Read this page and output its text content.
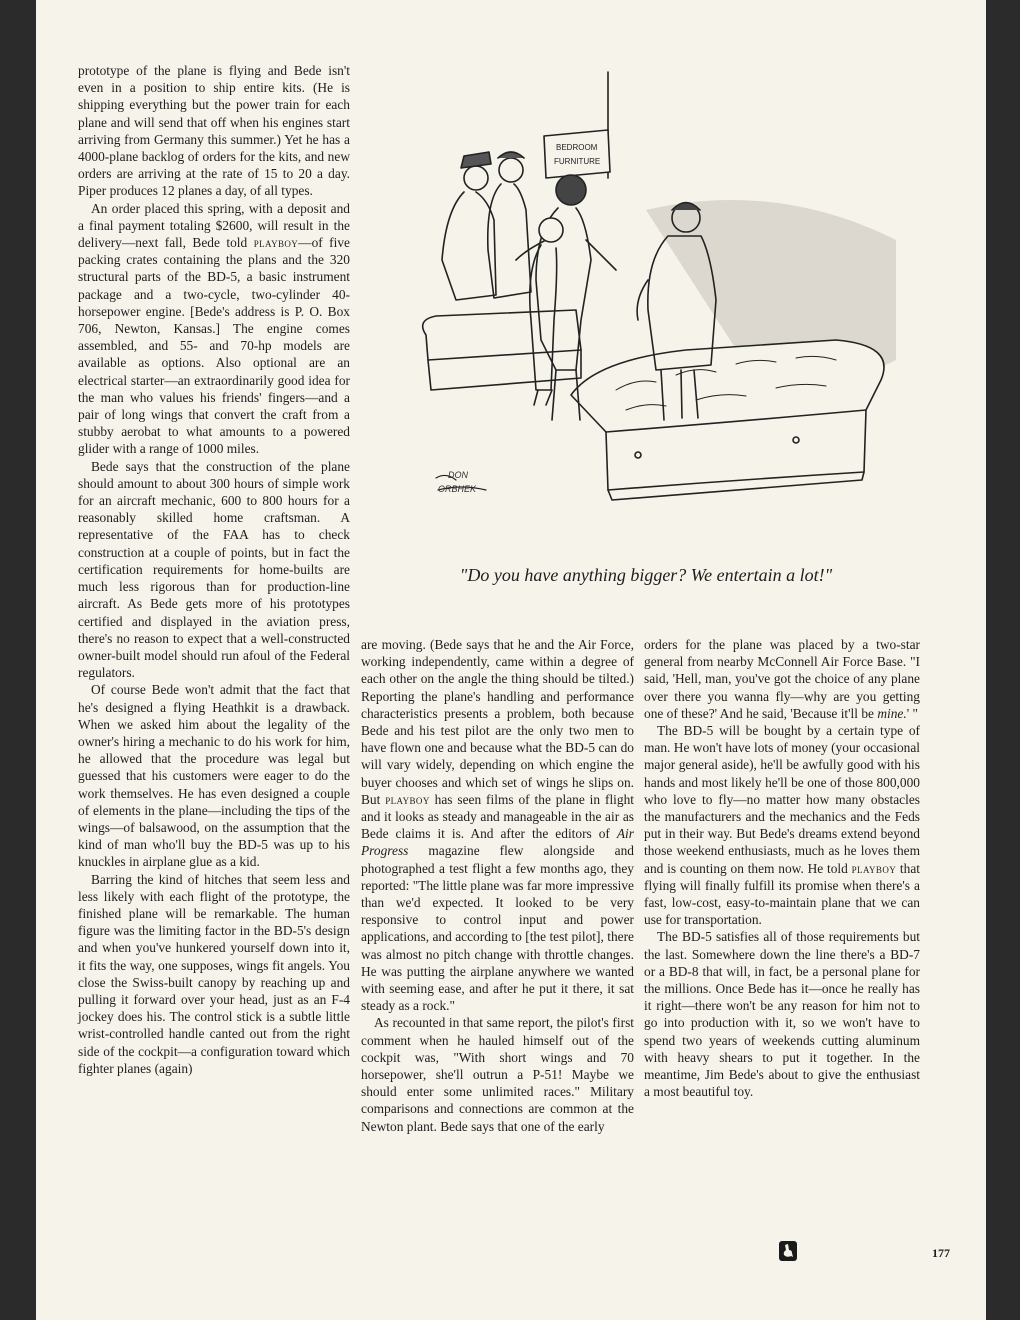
prototype of the plane is flying and Bede isn't even in a position to ship entire kits. (He is shipping everything but the power train for each plane and will send that off when his engines start arriving from Germany this summer.) Yet he has a 4000-plane backlog of orders for the kits, and new orders are arriving at the rate of 15 to 20 a day. Piper produces 12 planes a day, of all types.

An order placed this spring, with a deposit and a final payment totaling $2600, will result in the delivery—next fall, Bede told playboy—of five packing crates containing the plans and the 320 structural parts of the BD-5, a basic instrument package and a two-cycle, two-cylinder 40-horsepower engine. [Bede's address is P. O. Box 706, Newton, Kansas.] The engine comes assembled, and 55- and 70-hp models are available as options. Also optional are an electrical starter—an extraordinarily good idea for the man who values his friends' fingers—and a pair of long wings that convert the craft from a stubby aerobat to what amounts to a powered glider with a range of 1000 miles.

Bede says that the construction of the plane should amount to about 300 hours of simple work for an aircraft mechanic, 600 to 800 hours for a reasonably skilled home craftsman. A representative of the FAA has to check construction at a couple of points, but in fact the certification requirements for home-builts are much less rigorous than for production-line aircraft. As Bede gets more of his prototypes certified and displayed in the aviation press, there's no reason to expect that a well-constructed owner-built model should run afoul of the Federal regulators.

Of course Bede won't admit that the fact that he's designed a flying Heathkit is a drawback. When we asked him about the legality of the owner's hiring a mechanic to do his work for him, he allowed that the procedure was legal but guessed that his customers were eager to do the work themselves. He has even designed a couple of elements in the plane—including the tips of the wings—of balsawood, on the assumption that the kind of man who'll buy the BD-5 was up to his knuckles in airplane glue as a kid.

Barring the kind of hitches that seem less and less likely with each flight of the prototype, the finished plane will be remarkable. The human figure was the limiting factor in the BD-5's design and when you've hunkered yourself down into it, it fits the way, one supposes, wings fit angels. You close the Swiss-built canopy by reaching up and pulling it forward over your head, just as an F-4 jockey does his. The control stick is a subtle little wrist-controlled handle canted out from the right side of the cockpit—a configuration toward which fighter planes (again)

BEDROOM
FURNITURE
DON
ORBHEK
"Do you have anything bigger? We entertain a lot!"

are moving. (Bede says that he and the Air Force, working independently, came within a degree of each other on the angle the thing should be tilted.) Reporting the plane's handling and performance characteristics presents a problem, both because Bede and his test pilot are the only two men to have flown one and because what the BD-5 can do will vary widely, depending on which engine the buyer chooses and which set of wings he slips on. But playboy has seen films of the plane in flight and it looks as steady and manageable in the air as Bede claims it is. And after the editors of Air Progress magazine flew alongside and photographed a test flight a few months ago, they reported: "The little plane was far more impressive than we'd expected. It looked to be very responsive to control input and power applications, and according to [the test pilot], there was almost no pitch change with throttle changes. He was putting the airplane anywhere we wanted with seeming ease, and after he put it there, it sat steady as a rock."

As recounted in that same report, the pilot's first comment when he hauled himself out of the cockpit was, "With short wings and 70 horsepower, she'll outrun a P-51! Maybe we should enter some unlimited races." Military comparisons and connections are common at the Newton plant. Bede says that one of the early

orders for the plane was placed by a two-star general from nearby McConnell Air Force Base. "I said, 'Hell, man, you've got the choice of any plane over there you wanna fly—why are you getting one of these?' And he said, 'Because it'll be mine.' "

The BD-5 will be bought by a certain type of man. He won't have lots of money (your occasional major general aside), he'll be awfully good with his hands and most likely he'll be one of those 800,000 who love to fly—no matter how many obstacles the manufacturers and the mechanics and the Feds put in their way. But Bede's dreams extend beyond those weekend enthusiasts, much as he loves them and is counting on them now. He told playboy that flying will finally fulfill its promise when there's a fast, low-cost, easy-to-maintain plane that we can use for transportation.

The BD-5 satisfies all of those requirements but the last. Somewhere down the line there's a BD-7 or a BD-8 that will, in fact, be a personal plane for the millions. Once Bede has it—once he really has it right—there won't be any reason for him not to go into production with it, so we won't have to spend two years of weekends cutting aluminum with heavy shears to put it together. In the meantime, Jim Bede's about to give the enthusiast a most beautiful toy.

177
